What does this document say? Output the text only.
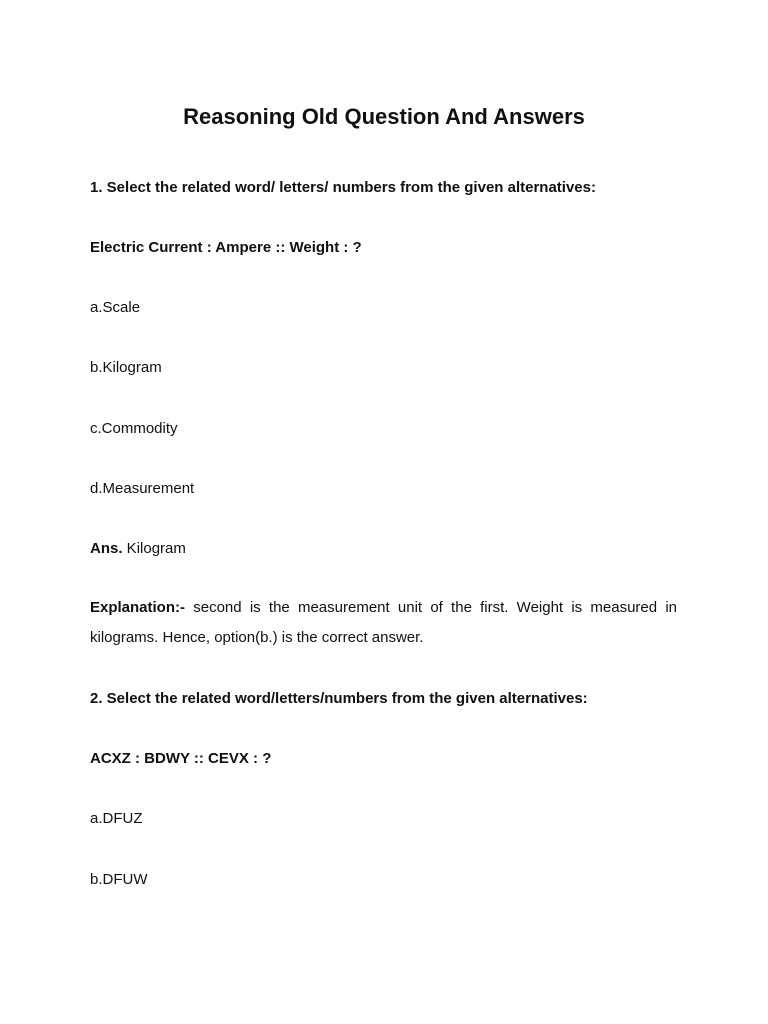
Reasoning Old Question And Answers
1. Select the related word/ letters/ numbers from the given alternatives:
Electric Current : Ampere :: Weight : ?
a.Scale
b.Kilogram
c.Commodity
d.Measurement
Ans. Kilogram
Explanation:- second is the measurement unit of the first. Weight is measured in kilograms. Hence, option(b.) is the correct answer.
2. Select the related word/letters/numbers from the given alternatives:
ACXZ : BDWY :: CEVX : ?
a.DFUZ
b.DFUW
